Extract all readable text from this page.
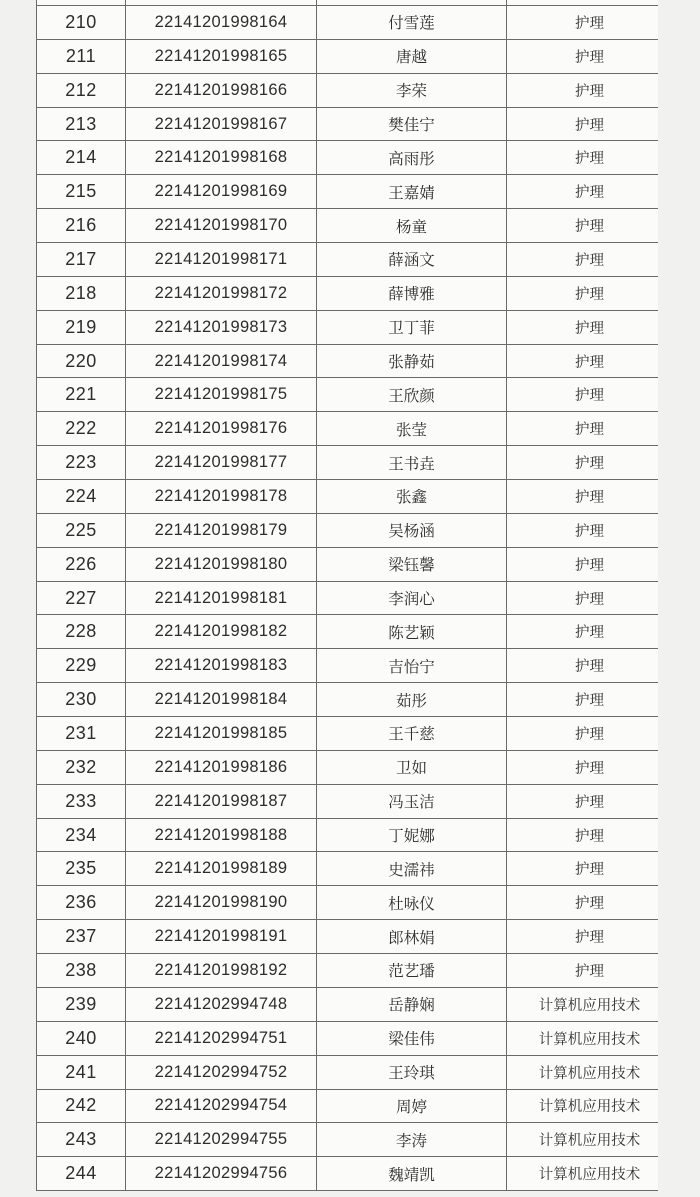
210	22141201998164	付雪莲	护理
211	22141201998165	唐越	护理
212	22141201998166	李荣	护理
213	22141201998167	樊佳宁	护理
214	22141201998168	高雨彤	护理
215	22141201998169	王嘉婧	护理
216	22141201998170	杨童	护理
217	22141201998171	薛涵文	护理
218	22141201998172	薛博雅	护理
219	22141201998173	卫丁菲	护理
220	22141201998174	张静茹	护理
221	22141201998175	王欣颜	护理
222	22141201998176	张莹	护理
223	22141201998177	王书垚	护理
224	22141201998178	张鑫	护理
225	22141201998179	吴杨涵	护理
226	22141201998180	梁钰馨	护理
227	22141201998181	李润心	护理
228	22141201998182	陈艺颖	护理
229	22141201998183	吉怡宁	护理
230	22141201998184	茹彤	护理
231	22141201998185	王千慈	护理
232	22141201998186	卫如	护理
233	22141201998187	冯玉洁	护理
234	22141201998188	丁妮娜	护理
235	22141201998189	史濡祎	护理
236	22141201998190	杜咏仪	护理
237	22141201998191	郎林娟	护理
238	22141201998192	范艺璠	护理
239	22141202994748	岳静娴	计算机应用技术
240	22141202994751	梁佳伟	计算机应用技术
241	22141202994752	王玲琪	计算机应用技术
242	22141202994754	周婷	计算机应用技术
243	22141202994755	李涛	计算机应用技术
244	22141202994756	魏靖凯	计算机应用技术
